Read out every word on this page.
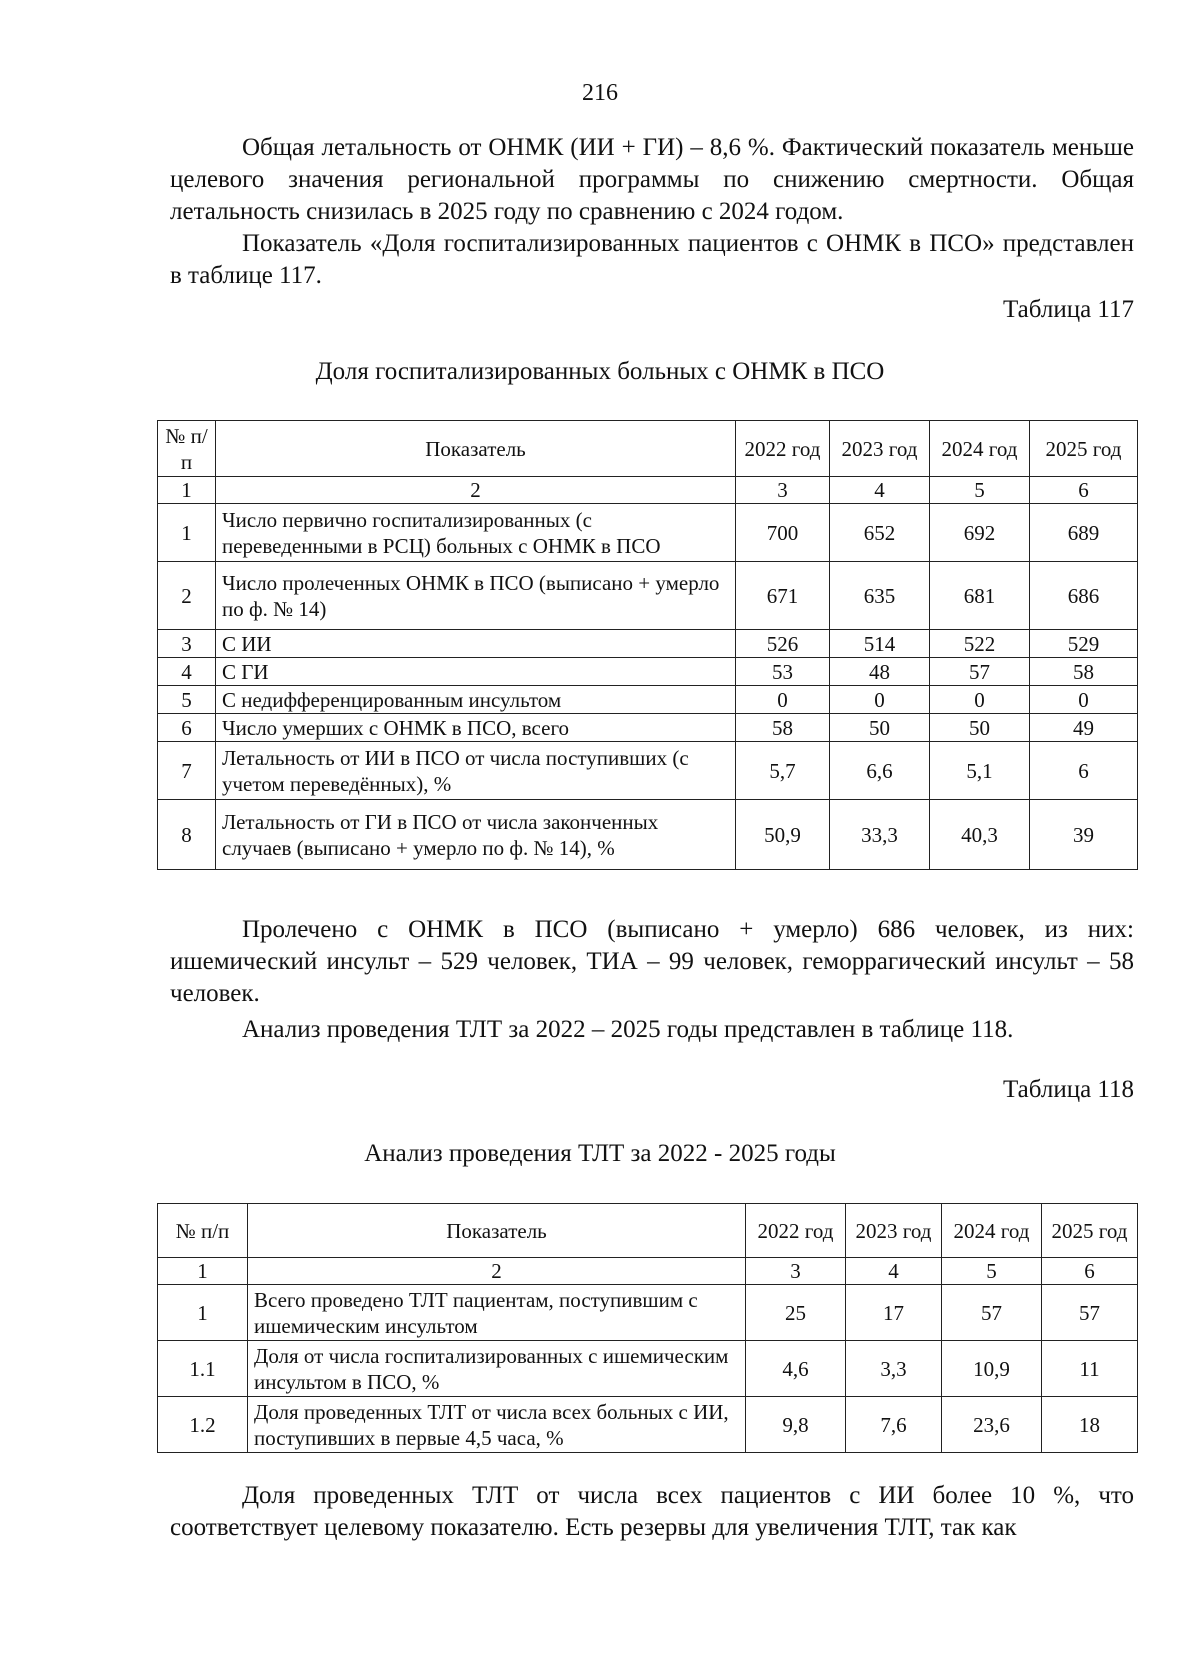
216

Общая летальность от ОНМК (ИИ + ГИ) – 8,6 %. Фактический показатель меньше целевого значения региональной программы по снижению смертности. Общая летальность снизилась в 2025 году по сравнению с 2024 годом.

Показатель «Доля госпитализированных пациентов с ОНМК в ПСО» представлен в таблице 117.

Таблица 117
Доля госпитализированных больных с ОНМК в ПСО
№ п/п	Показатель	2022 год	2023 год	2024 год	2025 год
1	2	3	4	5	6
1	Число первично госпитализированных (с переведенными в РСЦ) больных с ОНМК в ПСО	700	652	692	689
2	Число пролеченных ОНМК в ПСО (выписано + умерло по ф. № 14)	671	635	681	686
3	С ИИ	526	514	522	529
4	С ГИ	53	48	57	58
5	С недифференцированным инсультом	0	0	0	0
6	Число умерших с ОНМК в ПСО, всего	58	50	50	49
7	Летальность от ИИ в ПСО от числа поступивших (с учетом переведённых), %	5,7	6,6	5,1	6
8	Летальность от ГИ в ПСО от числа законченных случаев (выписано + умерло по ф. № 14), %	50,9	33,3	40,3	39

Пролечено с ОНМК в ПСО (выписано + умерло) 686 человек, из них: ишемический инсульт – 529 человек, ТИА – 99 человек, геморрагический инсульт – 58 человек.

Анализ проведения ТЛТ за 2022 – 2025 годы представлен в таблице 118.

Таблица 118
Анализ проведения ТЛТ за 2022 - 2025 годы
№ п/п	Показатель	2022 год	2023 год	2024 год	2025 год
1	2	3	4	5	6
1	Всего проведено ТЛТ пациентам, поступившим с ишемическим инсультом	25	17	57	57
1.1	Доля от числа госпитализированных с ишемическим инсультом в ПСО, %	4,6	3,3	10,9	11
1.2	Доля проведенных ТЛТ от числа всех больных с ИИ, поступивших в первые 4,5 часа, %	9,8	7,6	23,6	18

Доля проведенных ТЛТ от числа всех пациентов с ИИ более 10 %, что соответствует целевому показателю. Есть резервы для увеличения ТЛТ, так как
